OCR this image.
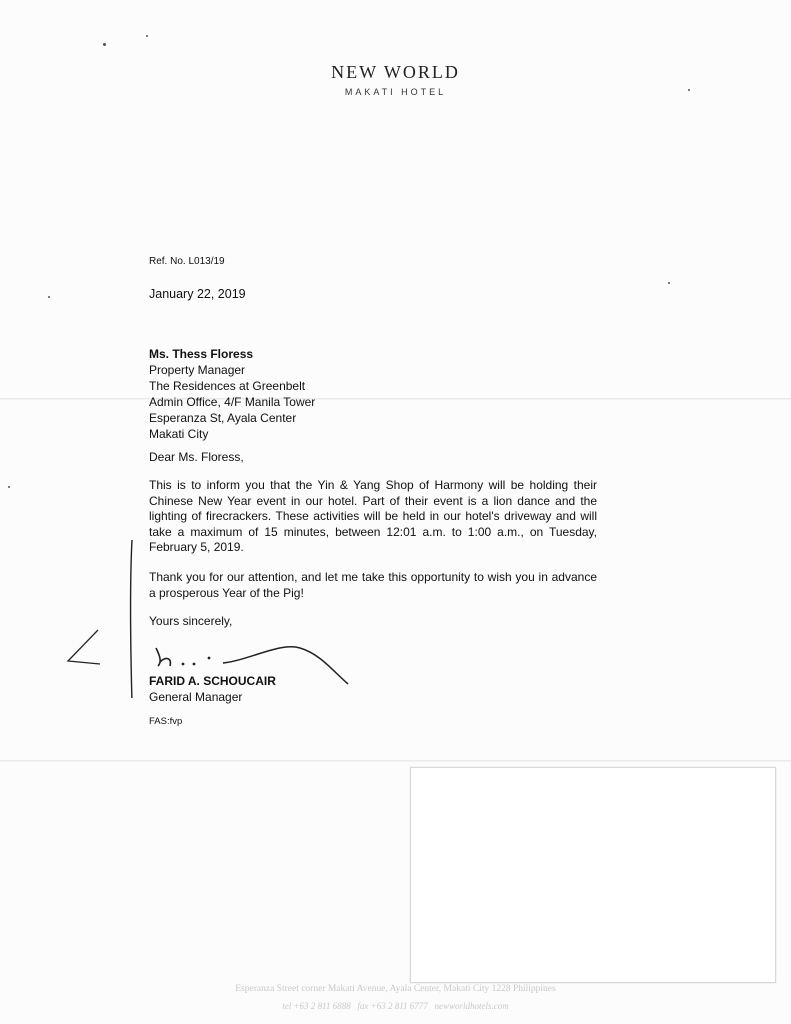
NEW WORLD
MAKATI HOTEL
Ref. No. L013/19
January 22, 2019
Ms. Thess Floress
Property Manager
The Residences at Greenbelt
Admin Office, 4/F Manila Tower
Esperanza St, Ayala Center
Makati City
Dear Ms. Floress,
This is to inform you that the Yin & Yang Shop of Harmony will be holding their Chinese New Year event in our hotel. Part of their event is a lion dance and the lighting of firecrackers. These activities will be held in our hotel's driveway and will take a maximum of 15 minutes, between 12:01 a.m. to 1:00 a.m., on Tuesday, February 5, 2019.
Thank you for our attention, and let me take this opportunity to wish you in advance a prosperous Year of the Pig!
Yours sincerely,
FARID A. SCHOUCAIR
General Manager
FAS:fvp
Esperanza Street corner Makati Avenue, Ayala Center, Makati City 1228 Philippines
tel +63 2 811 6888 fax +63 2 811 6777 newworldhotels.com
